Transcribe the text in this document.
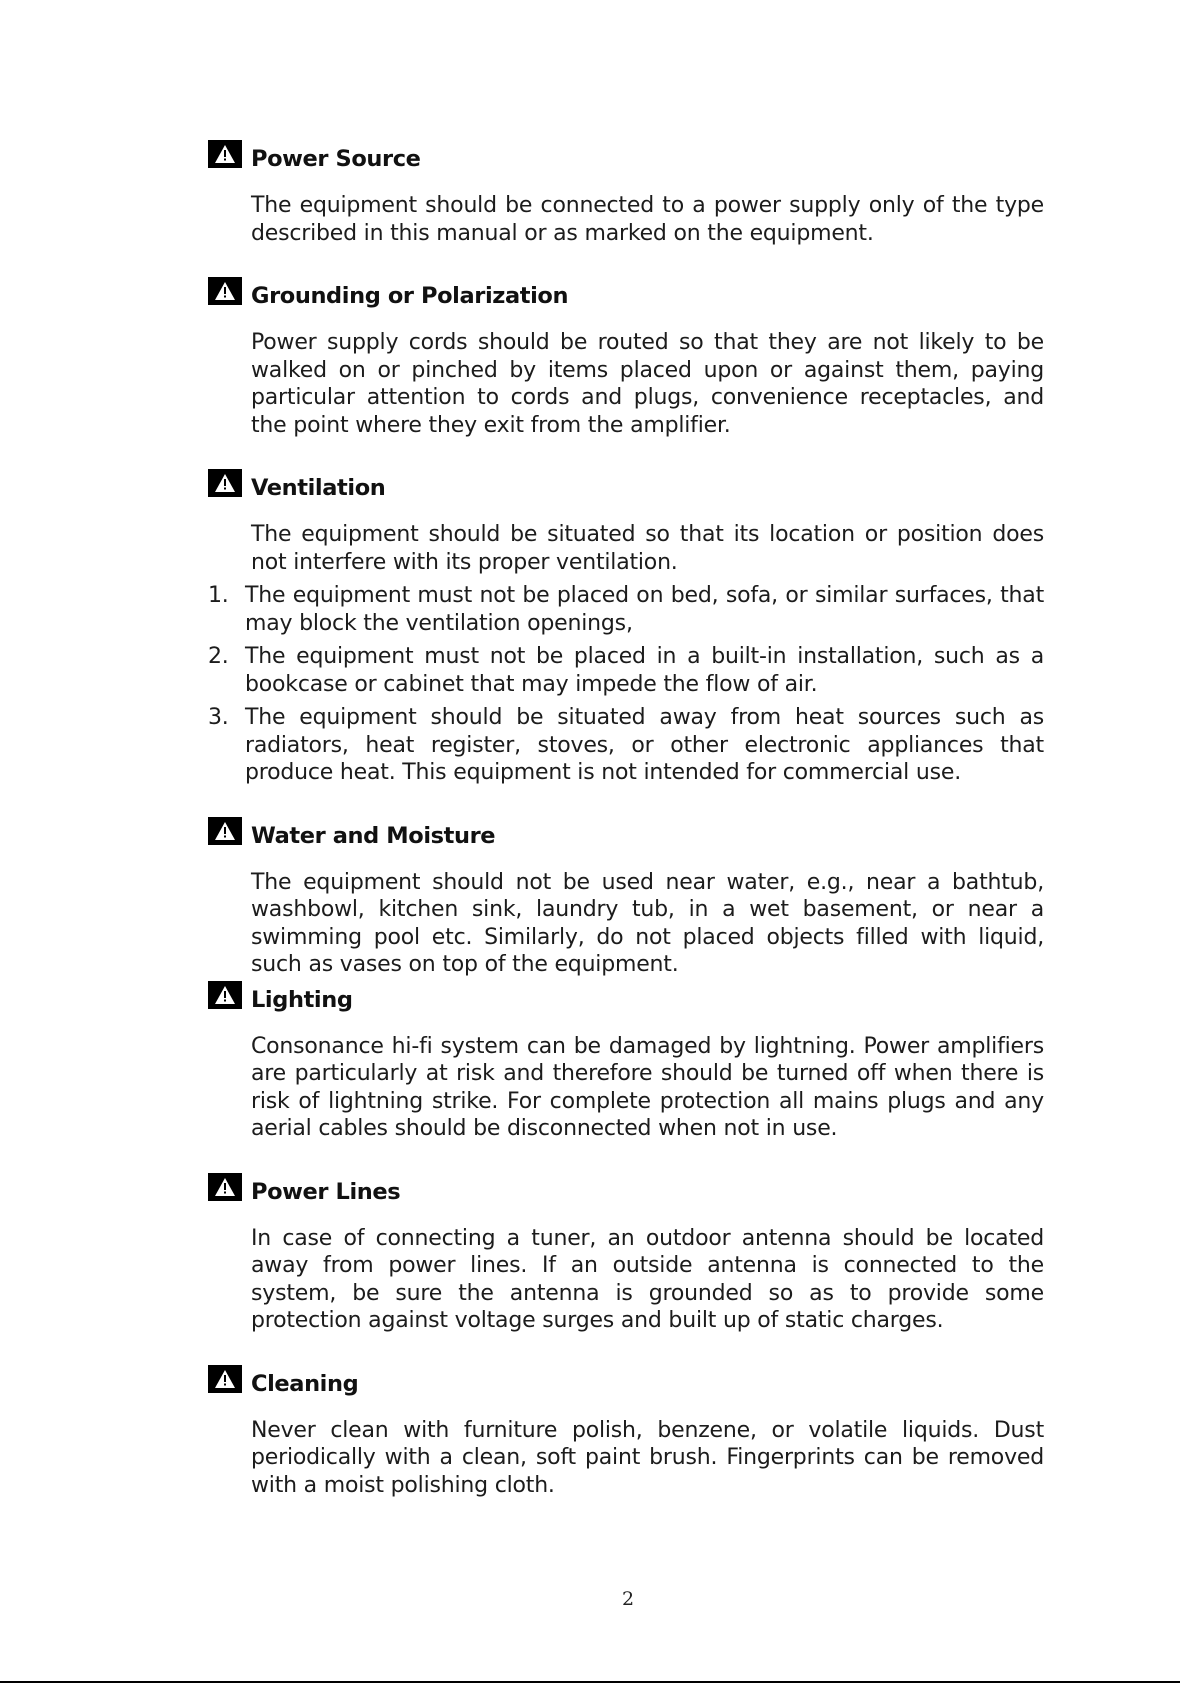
Power Source
The equipment should be connected to a power supply only of the type described in this manual or as marked on the equipment.
Grounding or Polarization
Power supply cords should be routed so that they are not likely to be walked on or pinched by items placed upon or against them, paying particular attention to cords and plugs, convenience receptacles, and the point where they exit from the amplifier.
Ventilation
The equipment should be situated so that its location or position does not interfere with its proper ventilation.
1. The equipment must not be placed on bed, sofa, or similar surfaces, that may block the ventilation openings,
2. The equipment must not be placed in a built-in installation, such as a bookcase or cabinet that may impede the flow of air.
3. The equipment should be situated away from heat sources such as radiators, heat register, stoves, or other electronic appliances that produce heat. This equipment is not intended for commercial use.
Water and Moisture
The equipment should not be used near water, e.g., near a bathtub, washbowl, kitchen sink, laundry tub, in a wet basement, or near a swimming pool etc. Similarly, do not placed objects filled with liquid, such as vases on top of the equipment.
Lighting
Consonance hi-fi system can be damaged by lightning. Power amplifiers are particularly at risk and therefore should be turned off when there is risk of lightning strike. For complete protection all mains plugs and any aerial cables should be disconnected when not in use.
Power Lines
In case of connecting a tuner, an outdoor antenna should be located away from power lines. If an outside antenna is connected to the system, be sure the antenna is grounded so as to provide some protection against voltage surges and built up of static charges.
Cleaning
Never clean with furniture polish, benzene, or volatile liquids. Dust periodically with a clean, soft paint brush. Fingerprints can be removed with a moist polishing cloth.
2
